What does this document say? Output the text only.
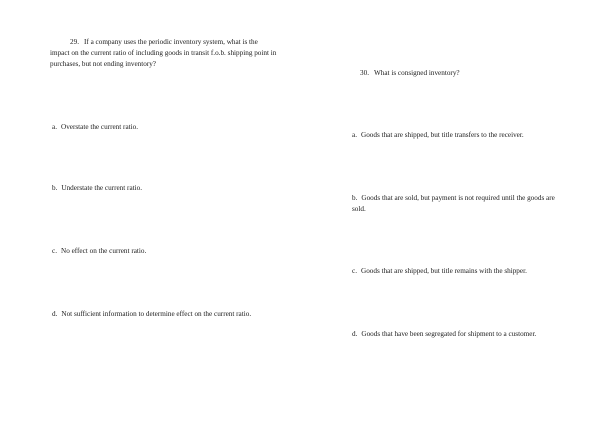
29. If a company uses the periodic inventory system, what is the impact on the current ratio of including goods in transit f.o.b. shipping point in purchases, but not ending inventory?

a. Overstate the current ratio.

b. Understate the current ratio.

c. No effect on the current ratio.

d. Not sufficient information to determine effect on the current ratio.

30. What is consigned inventory?

a. Goods that are shipped, but title transfers to the receiver.

b. Goods that are sold, but payment is not required until the goods are sold.

c. Goods that are shipped, but title remains with the shipper.

d. Goods that have been segregated for shipment to a customer.
